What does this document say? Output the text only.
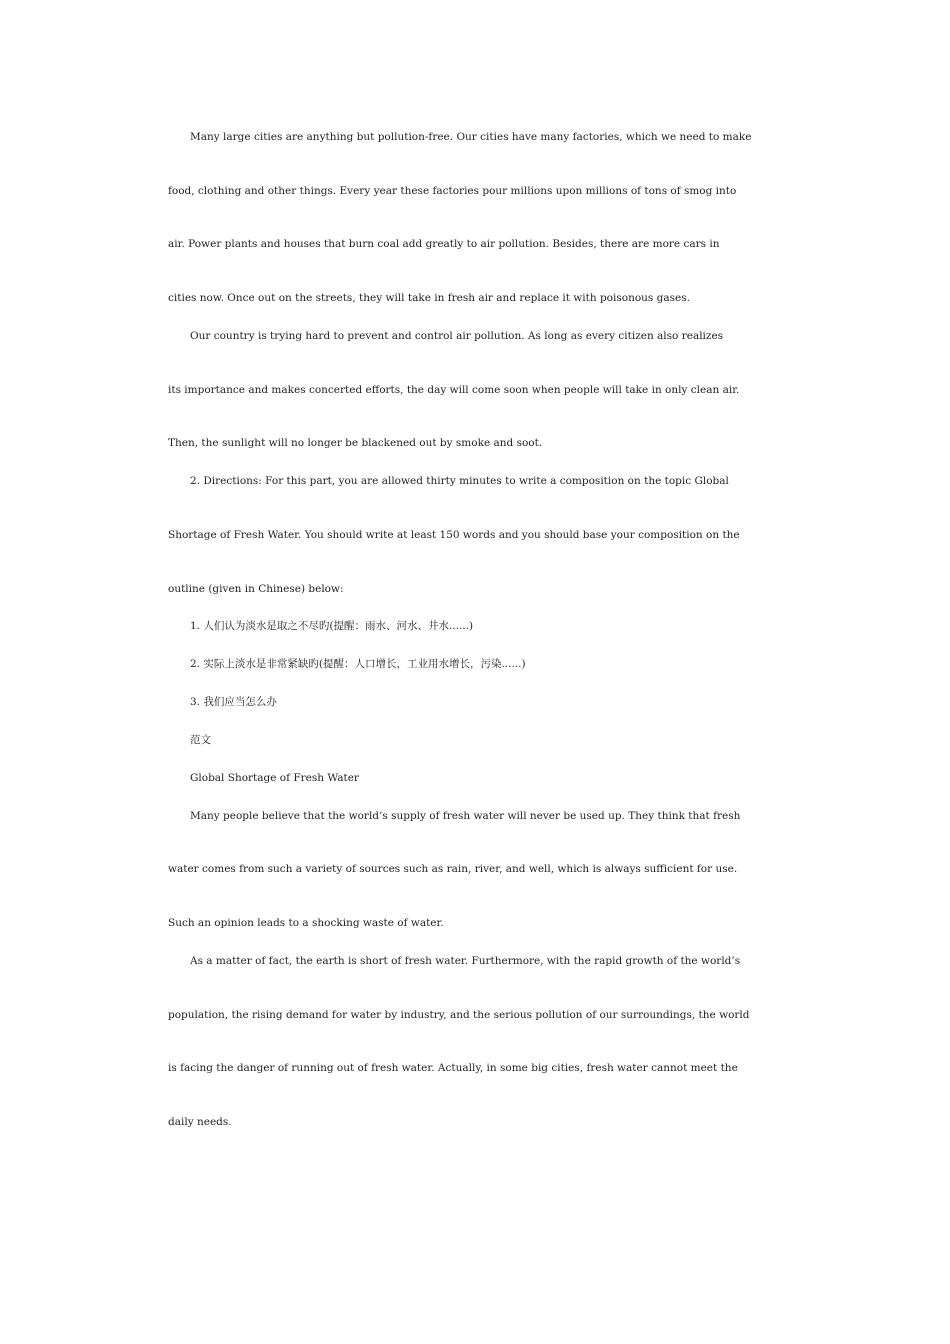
Many large cities are anything but pollution-free. Our cities have many factories, which we need to make
food, clothing and other things. Every year these factories pour millions upon millions of tons of smog into
air. Power plants and houses that burn coal add greatly to air pollution. Besides, there are more cars in
cities now. Once out on the streets, they will take in fresh air and replace it with poisonous gases.
Our country is trying hard to prevent and control air pollution. As long as every citizen also realizes
its importance and makes concerted efforts, the day will come soon when people will take in only clean air.
Then, the sunlight will no longer be blackened out by smoke and soot.
2. Directions: For this part, you are allowed thirty minutes to write a composition on the topic Global
Shortage of Fresh Water. You should write at least 150 words and you should base your composition on the
outline (given in Chinese) below:
1. 人们认为淡水是取之不尽旳(提醒：雨水、河水、井水......)
2. 实际上淡水是非常紧缺旳(提醒：人口增长，工业用水增长，污染......)
3. 我们应当怎么办
范文
Global Shortage of Fresh Water
Many people believe that the world’s supply of fresh water will never be used up. They think that fresh
water comes from such a variety of sources such as rain, river, and well, which is always sufficient for use.
Such an opinion leads to a shocking waste of water.
As a matter of fact, the earth is short of fresh water. Furthermore, with the rapid growth of the world’s
population, the rising demand for water by industry, and the serious pollution of our surroundings, the world
is facing the danger of running out of fresh water. Actually, in some big cities, fresh water cannot meet the
daily needs.
